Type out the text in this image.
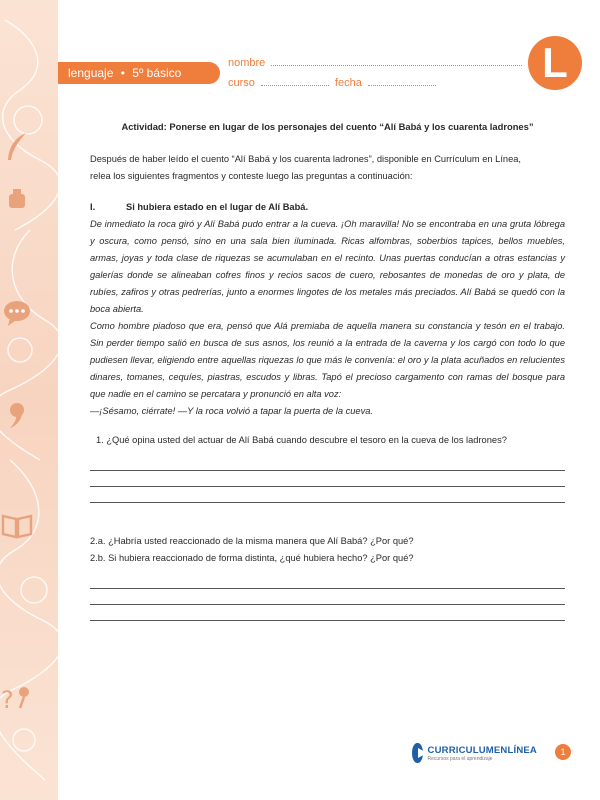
?
lenguaje • 5º básico
nombre
curso	fecha	L
Actividad: Ponerse en lugar de los personajes del cuento “Alí Babá y los cuarenta ladrones”

Después de haber leído el cuento “Alí Babá y los cuarenta ladrones”, disponible en Currículum en Línea,

relea los siguientes fragmentos y conteste luego las preguntas a continuación:

I.	Si hubiera estado en el lugar de Alí Babá.

De inmediato la roca giró y Alí Babá pudo entrar a la cueva. ¡Oh maravilla! No se encontraba en una gruta lóbrega y oscura, como pensó, sino en una sala bien iluminada. Ricas alfombras, soberbios tapices, bellos muebles, armas, joyas y toda clase de riquezas se acumulaban en el recinto. Unas puertas conducían a otras estancias y galerías donde se alineaban cofres finos y recios sacos de cuero, rebosantes de monedas de oro y plata, de rubíes, zafiros y otras pedrerías, junto a enormes lingotes de los metales más preciados. Alí Babá se quedó con la boca abierta.

Como hombre piadoso que era, pensó que Alá premiaba de aquella manera su constancia y tesón en el trabajo. Sin perder tiempo salió en busca de sus asnos, los reunió a la entrada de la caverna y los cargó con todo lo que pudiesen llevar, eligiendo entre aquellas riquezas lo que más le convenía: el oro y la plata acuñados en relucientes dinares, tomanes, cequíes, piastras, escudos y libras. Tapó el precioso cargamento con ramas del bosque para que nadie en el camino se percatara y pronunció en alta voz:

—¡Sésamo, ciérrate! —Y la roca volvió a tapar la puerta de la cueva.

1. ¿Qué opina usted del actuar de Alí Babá cuando descubre el tesoro en la cueva de los ladrones?

2.a. ¿Habría usted reaccionado de la misma manera que Alí Babá? ¿Por qué?

2.b. Si hubiera reaccionado de forma distinta, ¿qué hubiera hecho? ¿Por qué?

CURRICULUMENLÍNEA
Recursos para el aprendizaje
1
